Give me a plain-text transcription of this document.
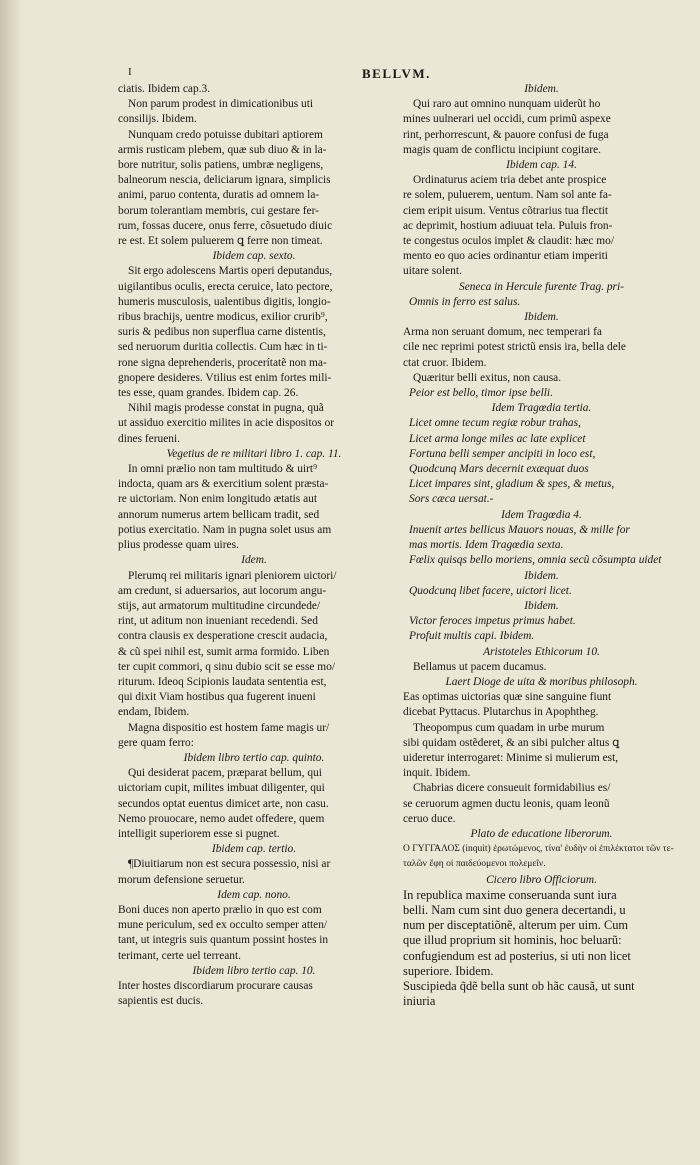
I	BELLVM.
ciatis. Ibidem cap.3.
Non parum prodest in dimicationibus uti
consilijs. Ibidem.
Nunquam credo potuisse dubitari aptiorem
armis rusticam plebem, quæ sub diuo & in la-
bore nutritur, solis patiens, umbræ negligens,
balneorum nescia, deliciarum ignara, simplicis
animi, paruo contenta, duratis ad omnem la-
borum tolerantiam membris, cui gestare fer-
rum, fossas ducere, onus ferre, cõsuetudo diuic
re est. Et solem puluerem ꝗ ferre non timeat.
Ibidem cap. sexto.
Sit ergo adolescens Martis operi deputandus,
uigilantibus oculis, erecta ceruice, lato pectore,
humeris musculosis, ualentibus digitis, longio-
ribus brachijs, uentre modicus, exilior crurib⁹,
suris & pedibus non superflua carne distentis,
sed neruorum duritia collectis. Cum hæc in ti-
rone signa deprehenderis, procerítatẽ non ma-
gnopere desideres. Vtilius est enim fortes mili-
tes esse, quam grandes. Ibidem cap. 26.
Nihil magis prodesse constat in pugna, quã
ut assiduo exercitio milites in acie dispositos or
dines ferueni.
Vegetius de re militari libro 1. cap. 11.
In omni prælio non tam multitudo & uirt⁹
indocta, quam ars & exercitium solent præsta-
re uictoriam. Non enim longitudo ætatis aut
annorum numerus artem bellicam tradit, sed
potius exercitatio. Nam in pugna solet usus am
plius prodesse quam uires.
Idem.
Plerumq rei militaris ignari pleniorem uictori/
am credunt, si aduersarios, aut locorum angu-
stijs, aut armatorum multitudine circundede/
rint, ut aditum non inueniant recedendi. Sed
contra clausis ex desperatione crescit audacia,
& cũ spei nihil est, sumit arma formido. Liben
ter cupit commori, q sinu dubio scit se esse mo/
riturum. Ideoq Scipionis laudata sententia est,
qui dixit Viam hostibus qua fugerent inueni
endam, Ibidem.
Magna dispositio est hostem fame magis ur/
gere quam ferro:
Ibidem libro tertio cap. quinto.
Qui desiderat pacem, præparat bellum, qui
uictoriam cupit, milites imbuat diligenter, qui
secundos optat euentus dimicet arte, non casu.
Nemo prouocare, nemo audet offedere, quem
intelligit superiorem esse si pugnet.
Ibidem cap. tertio.
¶Diuitiarum non est secura possessio, nisi ar
morum defensione seruetur.
Idem cap. nono.
Boni duces non aperto prælio in quo est com
mune periculum, sed ex occulto semper atten/
tant, ut integris suis quantum possint hostes in
terimant, certe uel terreant.
Ibidem libro tertio cap. 10.
Inter hostes discordiarum procurare causas
sapientis est ducis.
Ibidem.
Qui raro aut omnino nunquam uiderũt ho
mines uulnerari uel occidi, cum primũ aspexe
rint, perhorrescunt, & pauore confusi de fuga
magis quam de conflictu incipiunt cogitare.
Ibidem cap. 14.
Ordinaturus aciem tria debet ante prospice
re solem, puluerem, uentum. Nam sol ante fa-
ciem eripit uisum. Ventus cõtrarius tua flectit
ac deprimit, hostium adiuuat tela. Puluis fron-
te congestus oculos implet & claudit: hæc mo/
mento eo quo acies ordinantur etiam imperiti
uitare solent.
Seneca in Hercule furente Trag. pri-
Omnis in ferro est salus.
Ibidem.
Arma non seruant domum, nec temperari fa
cile nec reprimi potest strictũ ensis ira, bella dele
ctat cruor. Ibidem.
Quæritur belli exitus, non causa.
Peior est bello, timor ipse belli.
Idem Tragœdia tertia.
Licet omne tecum regiæ robur trahas,
Licet arma longe miles ac late explicet
Fortuna belli semper ancipiti in loco est,
Quodcunq Mars decernit exæquat duos
Licet impares sint, gladium & spes, & metus,
Sors cæca uersat.-
Idem Tragœdia 4.
Inuenit artes bellicus Mauors nouas, & mille for
mas mortis. Idem Tragœdia sexta.
Fœlix quisqs bello moriens, omnia secũ cõsumpta uidet
Ibidem.
Quodcunq libet facere, uictori licet.
Ibidem.
Victor feroces impetus primus habet.
Profuit multis capi. Ibidem.
Aristoteles Ethicorum 10.
Bellamus ut pacem ducamus.
Laert Dioge de uita & moribus philosoph.
Eas optimas uictorias quæ sine sanguine fiunt
dicebat Pyttacus. Plutarchus in Apophtheg.
Theopompus cum quadam in urbe murum
sibi quidam ostẽderet, & an sibi pulcher altus ꝗ
uideretur interrogaret: Minime si mulierum est,
inquit. Ibidem.
Chabrias dicere consueuit formidabilius es/
se ceruorum agmen ductu leonis, quam leonũ
ceruo duce.
Plato de educatione liberorum.
O ΓΥΓΓΑΛΟΣ (inquit) ἐρωτώμενος, τίνα' ἐυδὴν οἱ ἐπιλέκτατοι τῶν τε-
ταλῶν ἔφη οἱ παιδεύομενοι πολεμεῖν.
Cicero libro Officiorum.
In republica maxime conseruanda sunt iura
belli. Nam cum sint duo genera decertandi, u
num per disceptatiõnẽ, alterum per uim. Cum
que illud proprium sit hominis, hoc beluarũ:
confugiendum est ad posterius, si uti non licet
superiore. Ibidem.
Suscipieda q̃dẽ bella sunt ob hãc causã, ut sunt
iniuria
